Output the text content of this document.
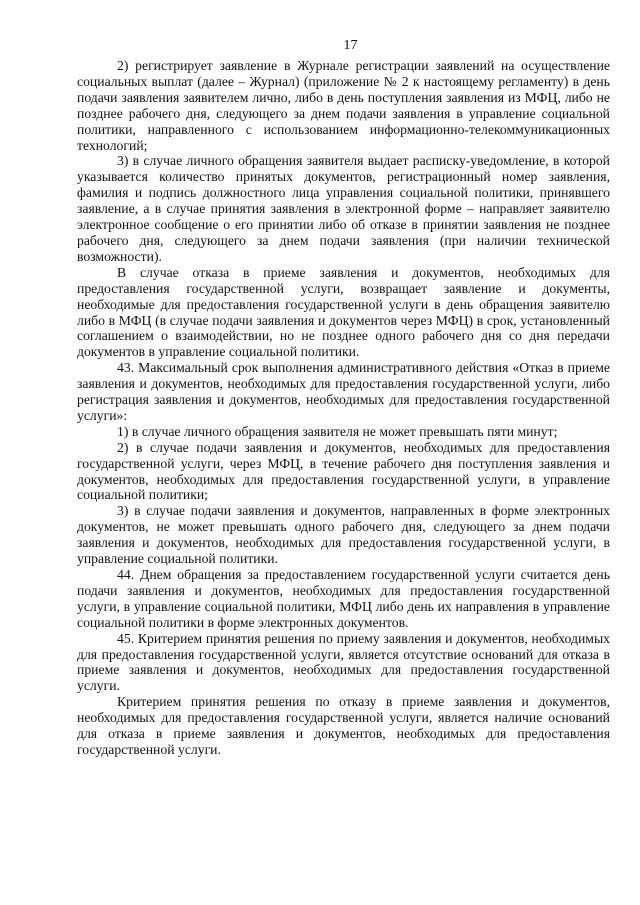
17

2) регистрирует заявление в Журнале регистрации заявлений на осуществление социальных выплат (далее – Журнал) (приложение № 2 к настоящему регламенту) в день подачи заявления заявителем лично, либо в день поступления заявления из МФЦ, либо не позднее рабочего дня, следующего за днем подачи заявления в управление социальной политики, направленного с использованием информационно-телекоммуникационных технологий;

3) в случае личного обращения заявителя выдает расписку-уведомление, в которой указывается количество принятых документов, регистрационный номер заявления, фамилия и подпись должностного лица управления социальной политики, принявшего заявление, а в случае принятия заявления в электронной форме – направляет заявителю электронное сообщение о его принятии либо об отказе в принятии заявления не позднее рабочего дня, следующего за днем подачи заявления (при наличии технической возможности).

В случае отказа в приеме заявления и документов, необходимых для предоставления государственной услуги, возвращает заявление и документы, необходимые для предоставления государственной услуги в день обращения заявителю либо в МФЦ (в случае подачи заявления и документов через МФЦ) в срок, установленный соглашением о взаимодействии, но не позднее одного рабочего дня со дня передачи документов в управление социальной политики.

43. Максимальный срок выполнения административного действия «Отказ в приеме заявления и документов, необходимых для предоставления государственной услуги, либо регистрация заявления и документов, необходимых для предоставления государственной услуги»:

1) в случае личного обращения заявителя не может превышать пяти минут;

2) в случае подачи заявления и документов, необходимых для предоставления государственной услуги, через МФЦ, в течение рабочего дня поступления заявления и документов, необходимых для предоставления государственной услуги, в управление социальной политики;

3) в случае подачи заявления и документов, направленных в форме электронных документов, не может превышать одного рабочего дня, следующего за днем подачи заявления и документов, необходимых для предоставления государственной услуги, в управление социальной политики.

44. Днем обращения за предоставлением государственной услуги считается день подачи заявления и документов, необходимых для предоставления государственной услуги, в управление социальной политики, МФЦ либо день их направления в управление социальной политики в форме электронных документов.

45. Критерием принятия решения по приему заявления и документов, необходимых для предоставления государственной услуги, является отсутствие оснований для отказа в приеме заявления и документов, необходимых для предоставления государственной услуги.

Критерием принятия решения по отказу в приеме заявления и документов, необходимых для предоставления государственной услуги, является наличие оснований для отказа в приеме заявления и документов, необходимых для предоставления государственной услуги.
